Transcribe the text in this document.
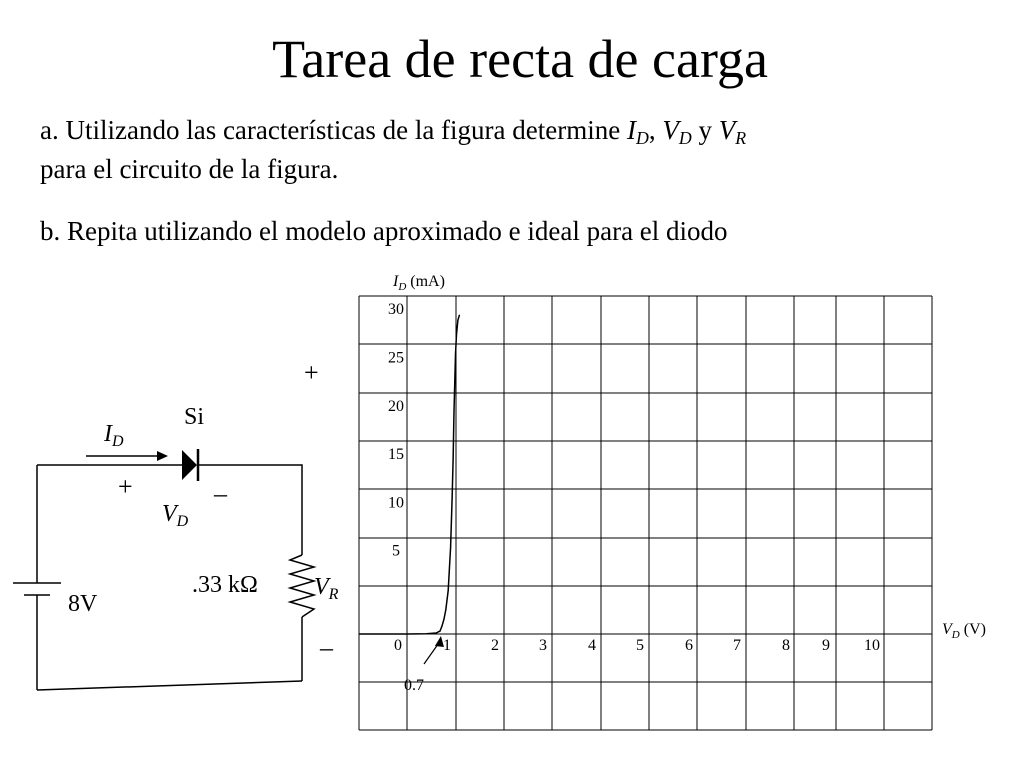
Tarea de recta de carga

a. Utilizando las características de la figura determine $I_D$, $V_D$ y $V_R$
para el circuito de la figura.

b. Repita utilizando el modelo aproximado e ideal para el diodo

Si
$I_D$
+	–
$V_D$
8V
.33 kΩ
+
–
$V_R$
0	1	2	3	4	5	6	7	8 9 10
5
10
15
20
25
30
0.7
$I_D$ (mA)
$V_D$ (V)
